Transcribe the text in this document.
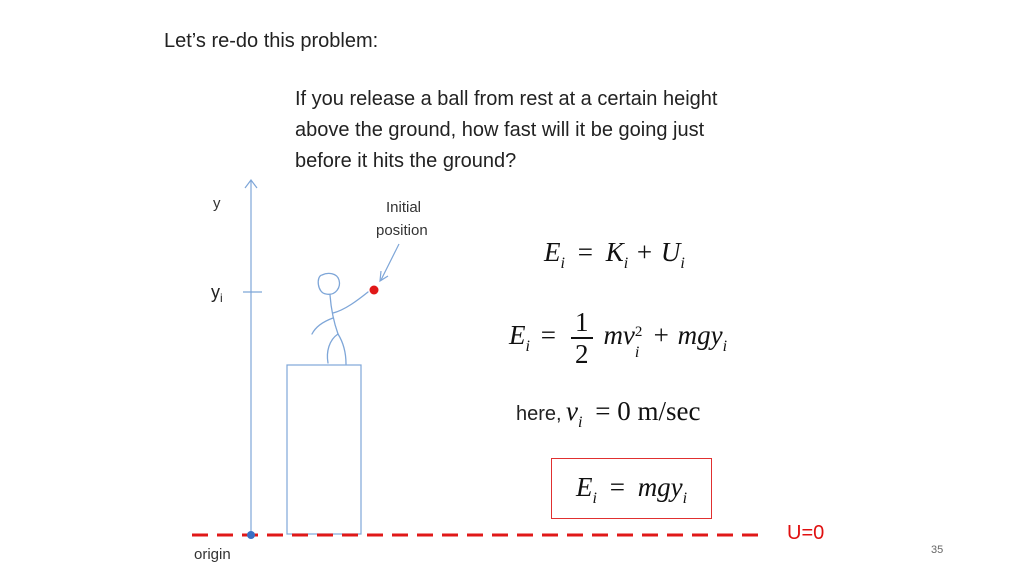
Let’s re-do this problem:
If you release a ball from rest at a certain height
above the ground, how fast will it be going just
before it hits the ground?
y
$y_i$
Initial
position
origin
U=0
$E_i = K_i + U_i$
$E_i = \frac{1}{2}$ mv 2
i
+ mgy$_i$
here, $v_i = 0$ m/sec
$E_i = mgy_i$
35
